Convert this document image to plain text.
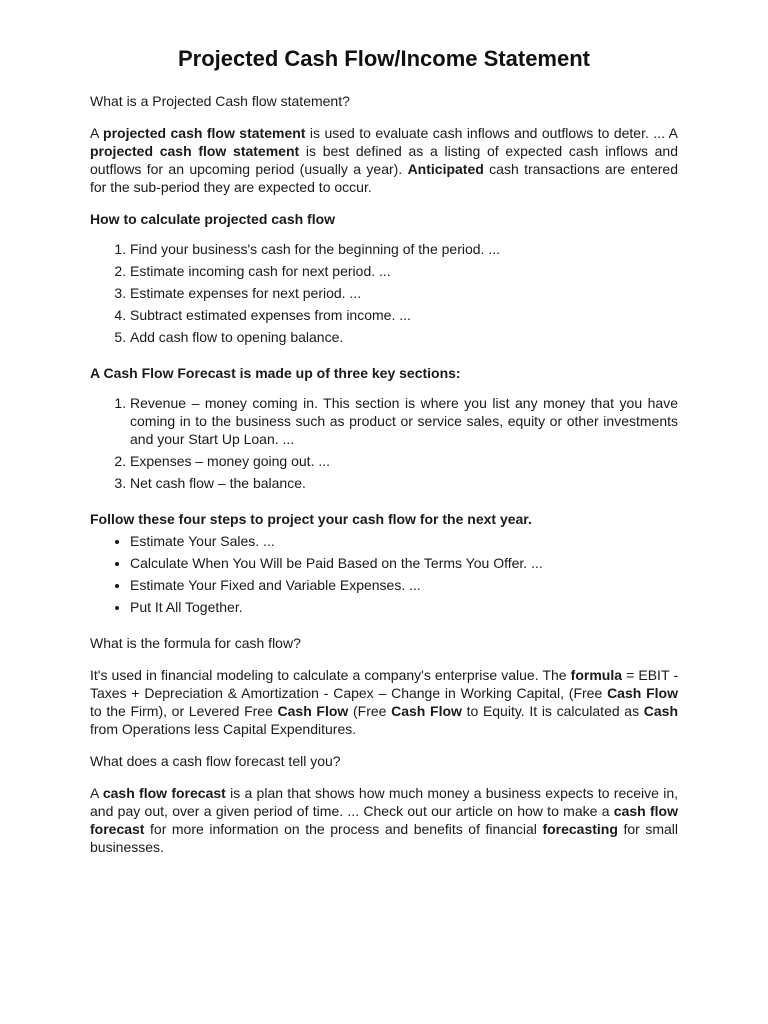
Projected Cash Flow/Income Statement

What is a Projected Cash flow statement?

A projected cash flow statement is used to evaluate cash inflows and outflows to deter. ... A projected cash flow statement is best defined as a listing of expected cash inflows and outflows for an upcoming period (usually a year). Anticipated cash transactions are entered for the sub-period they are expected to occur.

How to calculate projected cash flow

1. Find your business's cash for the beginning of the period. ...
2. Estimate incoming cash for next period. ...
3. Estimate expenses for next period. ...
4. Subtract estimated expenses from income. ...
5. Add cash flow to opening balance.

A Cash Flow Forecast is made up of three key sections:

1. Revenue – money coming in. This section is where you list any money that you have coming in to the business such as product or service sales, equity or other investments and your Start Up Loan. ...
2. Expenses – money going out. ...
3. Net cash flow – the balance.

Follow these four steps to project your cash flow for the next year.

• Estimate Your Sales. ...
• Calculate When You Will be Paid Based on the Terms You Offer. ...
• Estimate Your Fixed and Variable Expenses. ...
• Put It All Together.

What is the formula for cash flow?

It's used in financial modeling to calculate a company's enterprise value. The formula = EBIT - Taxes + Depreciation & Amortization - Capex – Change in Working Capital, (Free Cash Flow to the Firm), or Levered Free Cash Flow (Free Cash Flow to Equity. It is calculated as Cash from Operations less Capital Expenditures.

What does a cash flow forecast tell you?

A cash flow forecast is a plan that shows how much money a business expects to receive in, and pay out, over a given period of time. ... Check out our article on how to make a cash flow forecast for more information on the process and benefits of financial forecasting for small businesses.
